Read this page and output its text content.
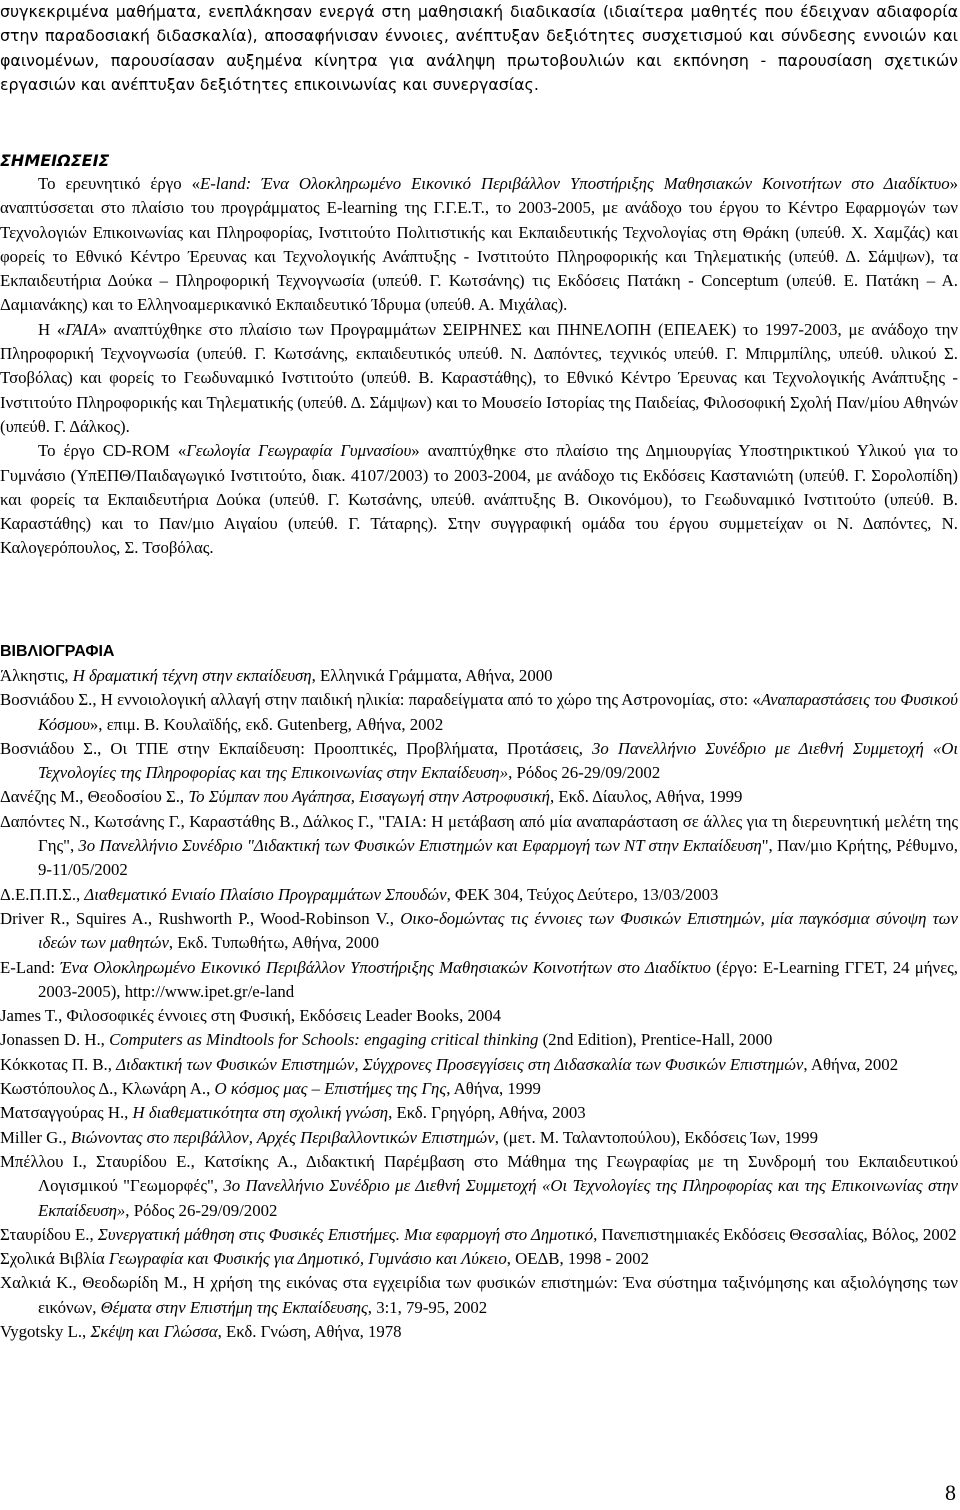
συγκεκριμένα μαθήματα, ενεπλάκησαν ενεργά στη μαθησιακή διαδικασία (ιδιαίτερα μαθητές που έδειχναν αδιαφορία στην παραδοσιακή διδασκαλία), αποσαφήνισαν έννοιες, ανέπτυξαν δεξιότητες συσχετισμού και σύνδεσης εννοιών και φαινομένων, παρουσίασαν αυξημένα κίνητρα για ανάληψη πρωτοβουλιών και εκπόνηση - παρουσίαση σχετικών εργασιών και ανέπτυξαν δεξιότητες επικοινωνίας και συνεργασίας.

ΣΗΜΕΙΩΣΕΙΣ

Το ερευνητικό έργο «E-land: Ένα Ολοκληρωμένο Εικονικό Περιβάλλον Υποστήριξης Μαθησιακών Κοινοτήτων στο Διαδίκτυο» αναπτύσσεται στο πλαίσιο του προγράμματος E-learning της Γ.Γ.Ε.Τ., το 2003-2005, με ανάδοχο του έργου το Κέντρο Εφαρμογών των Τεχνολογιών Επικοινωνίας και Πληροφορίας, Ινστιτούτο Πολιτιστικής και Εκπαιδευτικής Τεχνολογίας στη Θράκη (υπεύθ. Χ. Χαμζάς) και φορείς το Εθνικό Κέντρο Έρευνας και Τεχνολογικής Ανάπτυξης - Ινστιτούτο Πληροφορικής και Τηλεματικής (υπεύθ. Δ. Σάμψων), τα Εκπαιδευτήρια Δούκα – Πληροφορική Τεχνογνωσία (υπεύθ. Γ. Κωτσάνης) τις Εκδόσεις Πατάκη - Conceptum (υπεύθ. Ε. Πατάκη – Α. Δαμιανάκης) και το Ελληνοαμερικανικό Εκπαιδευτικό Ίδρυμα (υπεύθ. Α. Μιχάλας).

Η «ΓΑΙΑ» αναπτύχθηκε στο πλαίσιο των Προγραμμάτων ΣΕΙΡΗΝΕΣ και ΠΗΝΕΛΟΠΗ (ΕΠΕΑΕΚ) το 1997-2003, με ανάδοχο την Πληροφορική Τεχνογνωσία (υπεύθ. Γ. Κωτσάνης, εκπαιδευτικός υπεύθ. Ν. Δαπόντες, τεχνικός υπεύθ. Γ. Μπιρμπίλης, υπεύθ. υλικού Σ. Τσοβόλας) και φορείς το Γεωδυναμικό Ινστιτούτο (υπεύθ. Β. Καραστάθης), το Εθνικό Κέντρο Έρευνας και Τεχνολογικής Ανάπτυξης - Ινστιτούτο Πληροφορικής και Τηλεματικής (υπεύθ. Δ. Σάμψων) και το Μουσείο Ιστορίας της Παιδείας, Φιλοσοφική Σχολή Παν/μίου Αθηνών (υπεύθ. Γ. Δάλκος).

Το έργο CD-ROM «Γεωλογία Γεωγραφία Γυμνασίου» αναπτύχθηκε στο πλαίσιο της Δημιουργίας Υποστηρικτικού Υλικού για το Γυμνάσιο (ΥπΕΠΘ/Παιδαγωγικό Ινστιτούτο, διακ. 4107/2003) το 2003-2004, με ανάδοχο τις Εκδόσεις Καστανιώτη (υπεύθ. Γ. Σορολοπίδη) και φορείς τα Εκπαιδευτήρια Δούκα (υπεύθ. Γ. Κωτσάνης, υπεύθ. ανάπτυξης Β. Οικονόμου), το Γεωδυναμικό Ινστιτούτο (υπεύθ. Β. Καραστάθης) και το Παν/μιο Αιγαίου (υπεύθ. Γ. Τάταρης). Στην συγγραφική ομάδα του έργου συμμετείχαν οι Ν. Δαπόντες, Ν. Καλογερόπουλος, Σ. Τσοβόλας.

ΒΙΒΛΙΟΓΡΑΦΙΑ
Άλκηστις, Η δραματική τέχνη στην εκπαίδευση, Ελληνικά Γράμματα, Αθήνα, 2000
Βοσνιάδου Σ., Η εννοιολογική αλλαγή στην παιδική ηλικία: παραδείγματα από το χώρο της Αστρονομίας, στο: «Αναπαραστάσεις του Φυσικού Κόσμου», επιμ. Β. Κουλαϊδής, εκδ. Gutenberg, Αθήνα, 2002
Βοσνιάδου Σ., Οι ΤΠΕ στην Εκπαίδευση: Προοπτικές, Προβλήματα, Προτάσεις, 3ο Πανελλήνιο Συνέδριο με Διεθνή Συμμετοχή «Οι Τεχνολογίες της Πληροφορίας και της Επικοινωνίας στην Εκπαίδευση», Ρόδος 26-29/09/2002
Δανέζης Μ., Θεοδοσίου Σ., Το Σύμπαν που Αγάπησα, Εισαγωγή στην Αστροφυσική, Εκδ. Δίαυλος, Αθήνα, 1999
Δαπόντες Ν., Κωτσάνης Γ., Καραστάθης Β., Δάλκος Γ., "ΓΑΙΑ: Η μετάβαση από μία αναπαράσταση σε άλλες για τη διερευνητική μελέτη της Γης", 3ο Πανελλήνιο Συνέδριο "Διδακτική των Φυσικών Επιστημών και Εφαρμογή των ΝΤ στην Εκπαίδευση", Παν/μιο Κρήτης, Ρέθυμνο, 9-11/05/2002
Δ.Ε.Π.Π.Σ., Διαθεματικό Ενιαίο Πλαίσιο Προγραμμάτων Σπουδών, ΦΕΚ 304, Τεύχος Δεύτερο, 13/03/2003
Driver R., Squires A., Rushworth P., Wood-Robinson V., Οικο-δομώντας τις έννοιες των Φυσικών Επιστημών, μία παγκόσμια σύνοψη των ιδεών των μαθητών, Εκδ. Τυπωθήτω, Αθήνα, 2000
E-Land: Ένα Ολοκληρωμένο Εικονικό Περιβάλλον Υποστήριξης Μαθησιακών Κοινοτήτων στο Διαδίκτυο (έργο: E-Learning ΓΓΕΤ, 24 μήνες, 2003-2005), http://www.ipet.gr/e-land
James T., Φιλοσοφικές έννοιες στη Φυσική, Εκδόσεις Leader Books, 2004
Jonassen D. H., Computers as Mindtools for Schools: engaging critical thinking (2nd Edition), Prentice-Hall, 2000
Κόκκοτας Π. Β., Διδακτική των Φυσικών Επιστημών, Σύγχρονες Προσεγγίσεις στη Διδασκαλία των Φυσικών Επιστημών, Αθήνα, 2002
Κωστόπουλος Δ., Κλωνάρη Α., Ο κόσμος μας – Επιστήμες της Γης, Αθήνα, 1999
Ματσαγγούρας Η., Η διαθεματικότητα στη σχολική γνώση, Εκδ. Γρηγόρη, Αθήνα, 2003
Miller G., Βιώνοντας στο περιβάλλον, Αρχές Περιβαλλοντικών Επιστημών, (μετ. Μ. Ταλαντοπούλου), Εκδόσεις Ίων, 1999
Μπέλλου Ι., Σταυρίδου Ε., Κατσίκης Α., Διδακτική Παρέμβαση στο Μάθημα της Γεωγραφίας με τη Συνδρομή του Εκπαιδευτικού Λογισμικού "Γεωμορφές", 3ο Πανελλήνιο Συνέδριο με Διεθνή Συμμετοχή «Οι Τεχνολογίες της Πληροφορίας και της Επικοινωνίας στην Εκπαίδευση», Ρόδος 26-29/09/2002
Σταυρίδου Ε., Συνεργατική μάθηση στις Φυσικές Επιστήμες. Μια εφαρμογή στο Δημοτικό, Πανεπιστημιακές Εκδόσεις Θεσσαλίας, Βόλος, 2002
Σχολικά Βιβλία Γεωγραφία και Φυσικής για Δημοτικό, Γυμνάσιο και Λύκειο, ΟΕΔΒ, 1998 - 2002
Χαλκιά Κ., Θεοδωρίδη Μ., Η χρήση της εικόνας στα εγχειρίδια των φυσικών επιστημών: Ένα σύστημα ταξινόμησης και αξιολόγησης των εικόνων, Θέματα στην Επιστήμη της Εκπαίδευσης, 3:1, 79-95, 2002
Vygotsky L., Σκέψη και Γλώσσα, Εκδ. Γνώση, Αθήνα, 1978
8
